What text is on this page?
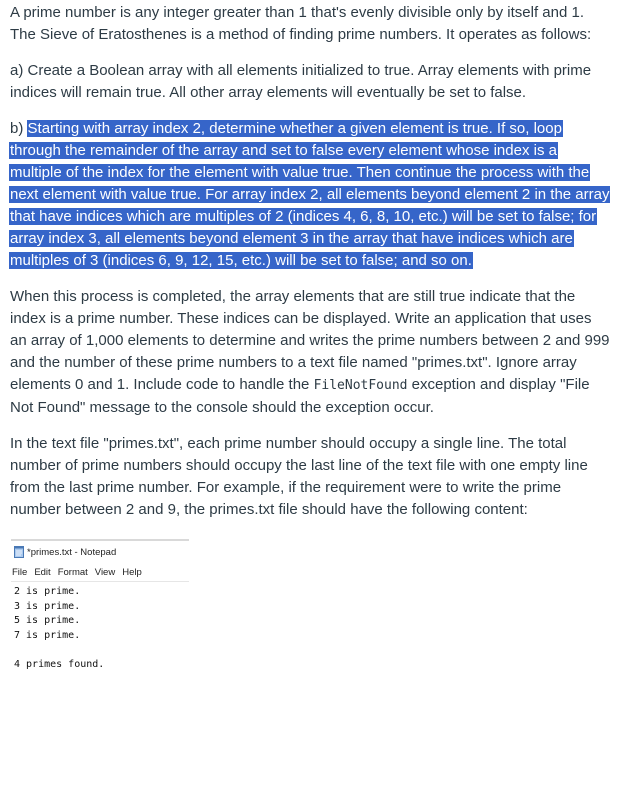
A prime number is any integer greater than 1 that's evenly divisible only by itself and 1. The Sieve of Eratosthenes is a method of finding prime numbers. It operates as follows:

a) Create a Boolean array with all elements initialized to true. Array elements with prime indices will remain true. All other array elements will eventually be set to false.

b) Starting with array index 2, determine whether a given element is true. If so, loop through the remainder of the array and set to false every element whose index is a multiple of the index for the element with value true. Then continue the process with the next element with value true. For array index 2, all elements beyond element 2 in the array that have indices which are multiples of 2 (indices 4, 6, 8, 10, etc.) will be set to false; for array index 3, all elements beyond element 3 in the array that have indices which are multiples of 3 (indices 6, 9, 12, 15, etc.) will be set to false; and so on.

When this process is completed, the array elements that are still true indicate that the index is a prime number. These indices can be displayed. Write an application that uses an array of 1,000 elements to determine and writes the prime numbers between 2 and 999 and the number of these prime numbers to a text file named "primes.txt". Ignore array elements 0 and 1. Include code to handle the FileNotFound exception and display "File Not Found" message to the console should the exception occur.

In the text file "primes.txt", each prime number should occupy a single line. The total number of prime numbers should occupy the last line of the text file with one empty line from the last prime number. For example, if the requirement were to write the prime number between 2 and 9, the primes.txt file should have the following content:

*primes.txt - Notepad
File Edit Format View Help
2 is prime.
3 is prime.
5 is prime.
7 is prime.
4 primes found.
